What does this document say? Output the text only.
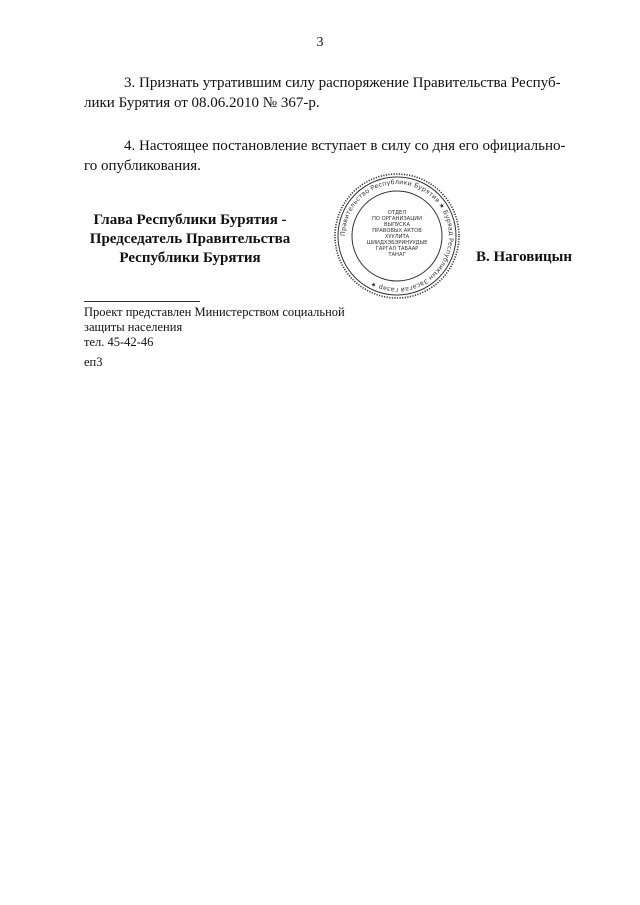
3
3. Признать утратившим силу распоряжение Правительства Респуб-
лики Бурятия от 08.06.2010 № 367-р.
4. Настоящее постановление вступает в силу со дня его официально-
го опубликования.
Глава Республики Бурятия -
Председатель Правительства
Республики Бурятия
Правительство Республики Бурятия ★ Буряад Республикын Засагай газар ★
ОТДЕЛ
ПО ОРГАНИЗАЦИИ
ВЫПУСКА
ПРАВОВЫХ АКТОВ
ХУУЛИТА
ШИИДХЭБЭРИНУУДЫЕ
ГАРГАЛ ТАБААР
ТАНАГ	В. Наговицын
Проект представлен Министерством социальной
защиты населения
тел. 45-42-46
еп3
